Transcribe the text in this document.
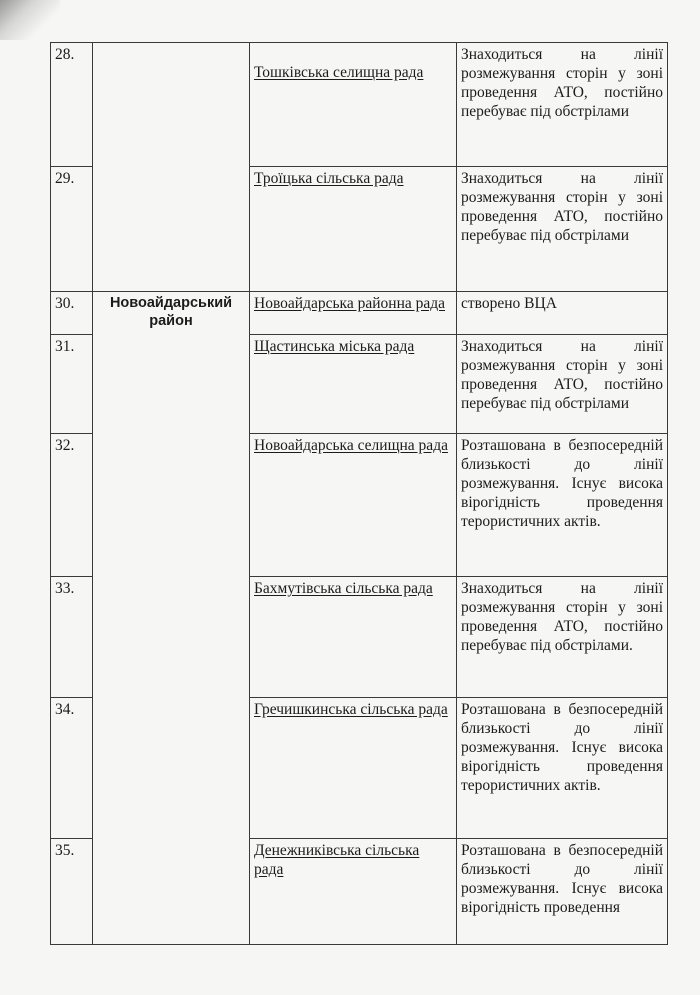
28.		Тошківська селищна рада	Знаходиться на лінії розмежування сторін у зоні проведення АТО, постійно перебуває під обстрілами
29.		Троїцька сільська рада	Знаходиться на лінії розмежування сторін у зоні проведення АТО, постійно перебуває під обстрілами
30.	Новоайдарський район	Новоайдарська районна рада	створено ВЦА
31.		Щастинська міська рада	Знаходиться на лінії розмежування сторін у зоні проведення АТО, постійно перебуває під обстрілами
32.		Новоайдарська селищна рада	Розташована в безпосередній близькості до лінії розмежування. Існує висока вірогідність проведення терористичних актів.
33.		Бахмутівська сільська рада	Знаходиться на лінії розмежування сторін у зоні проведення АТО, постійно перебуває під обстрілами.
34.		Гречишкинська сільська рада	Розташована в безпосередній близькості до лінії розмежування. Існує висока вірогідність проведення терористичних актів.
35.		Денежниківська сільська рада	Розташована в безпосередній близькості до лінії розмежування. Існує висока вірогідність проведення
